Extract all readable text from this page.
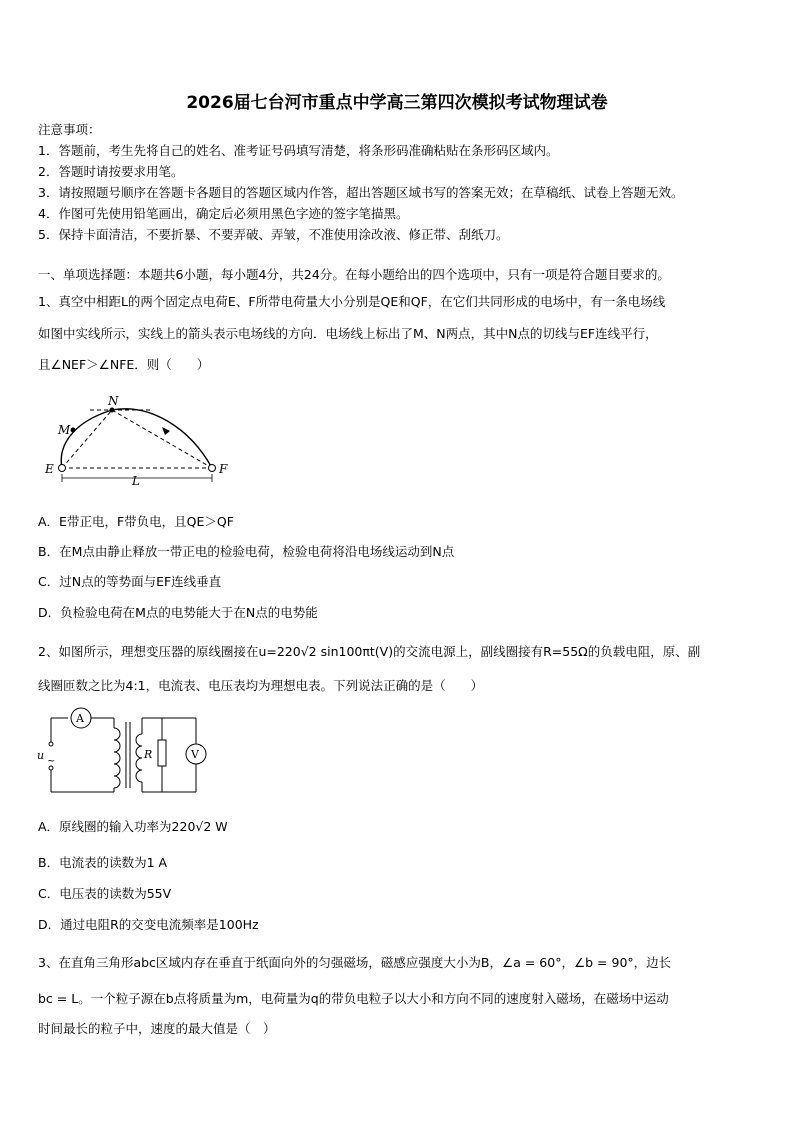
2026届七台河市重点中学高三第四次模拟考试物理试卷
注意事项：
1．答题前，考生先将自己的姓名、准考证号码填写清楚，将条形码准确粘贴在条形码区域内。
2．答题时请按要求用笔。
3．请按照题号顺序在答题卡各题目的答题区域内作答，超出答题区域书写的答案无效；在草稿纸、试卷上答题无效。
4．作图可先使用铅笔画出，确定后必须用黑色字迹的签字笔描黑。
5．保持卡面清洁，不要折暴、不要弄破、弄皱，不准使用涂改液、修正带、刮纸刀。
一、单项选择题：本题共6小题，每小题4分，共24分。在每小题给出的四个选项中，只有一项是符合题目要求的。
1、真空中相距L的两个固定点电荷E、F所带电荷量大小分别是QE和QF，在它们共同形成的电场中，有一条电场线
如图中实线所示，实线上的箭头表示电场线的方向．电场线上标出了M、N两点，其中N点的切线与EF连线平行，
且∠NEF＞∠NFE．则（　　）
N
M
E	F
L
A．E带正电，F带负电，且QE＞QF
B．在M点由静止释放一带正电的检验电荷，检验电荷将沿电场线运动到N点
C．过N点的等势面与EF连线垂直
D．负检验电荷在M点的电势能大于在N点的电势能
2、如图所示，理想变压器的原线圈接在u=220√2 sin100πt(V)的交流电源上，副线圈接有R=55Ω的负载电阻，原、副
线圈匝数之比为4:1，电流表、电压表均为理想电表。下列说法正确的是（　　）
A
u ~
R	V
A．原线圈的输入功率为220√2 W
B．电流表的读数为1 A
C．电压表的读数为55V
D．通过电阻R的交变电流频率是100Hz
3、在直角三角形abc区域内存在垂直于纸面向外的匀强磁场，磁感应强度大小为B，∠a = 60°，∠b = 90°，边长
bc = L。一个粒子源在b点将质量为m，电荷量为q的带负电粒子以大小和方向不同的速度射入磁场，在磁场中运动
时间最长的粒子中，速度的最大值是（　）
